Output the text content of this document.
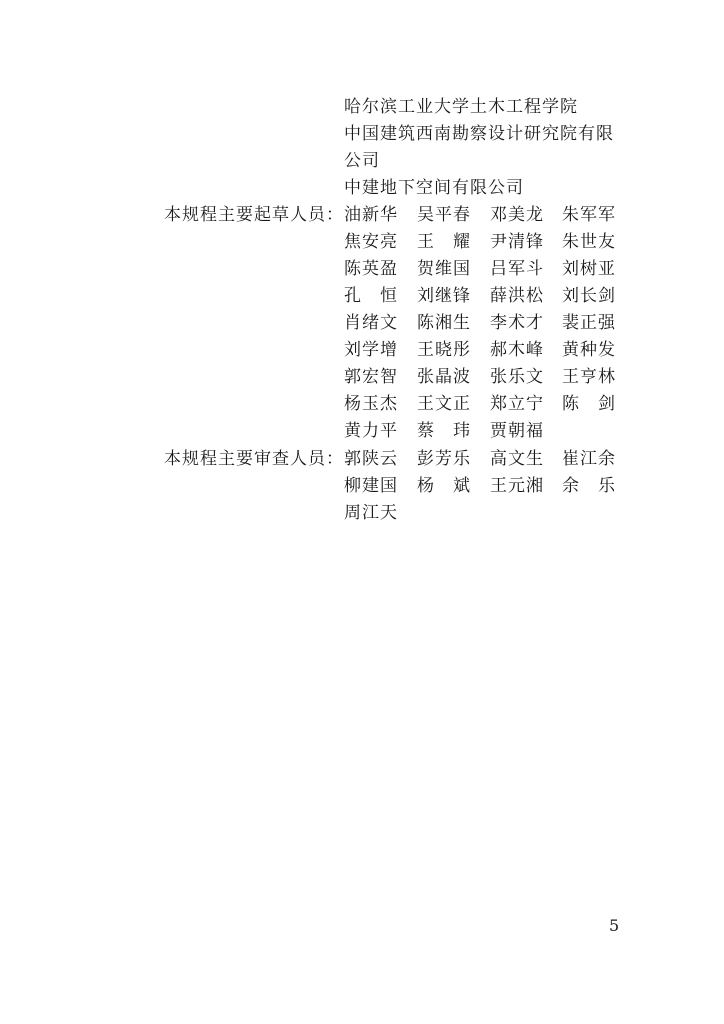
哈尔滨工业大学土木工程学院
中国建筑西南勘察设计研究院有限
公司
中建地下空间有限公司
本规程主要起草人员： 油新华 吴平春 邓美龙 朱军军
焦安亮 王　耀 尹清锋 朱世友
陈英盈 贺维国 吕军斗 刘树亚
孔　恒 刘继锋 薛洪松 刘长剑
肖绪文 陈湘生 李术才 裴正强
刘学增 王晓彤 郝木峰 黄种发
郭宏智 张晶波 张乐文 王亨林
杨玉杰 王文正 郑立宁 陈　剑
黄力平 蔡　玮 贾朝福
本规程主要审查人员： 郭陕云 彭芳乐 高文生 崔江余
柳建国 杨　斌 王元湘 余　乐
周江天
5
